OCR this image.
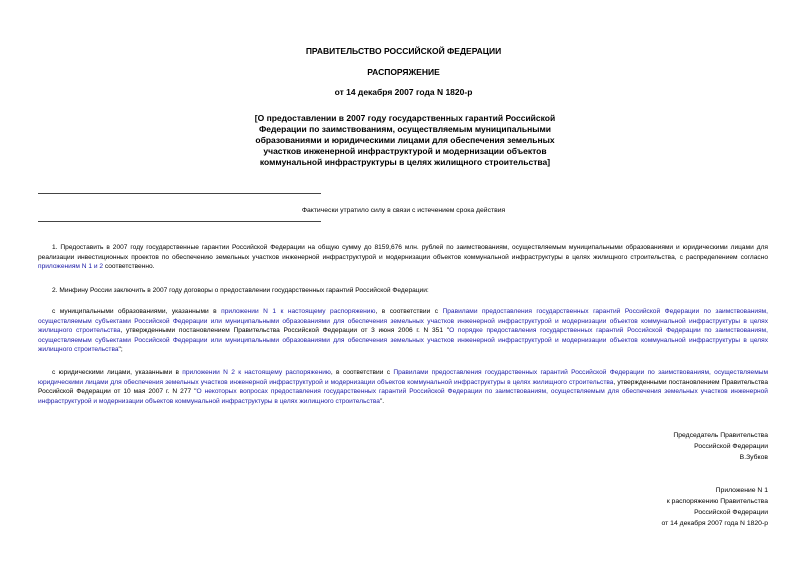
ПРАВИТЕЛЬСТВО РОССИЙСКОЙ ФЕДЕРАЦИИ
РАСПОРЯЖЕНИЕ
от 14 декабря 2007 года N 1820-р
[О предоставлении в 2007 году государственных гарантий Российской Федерации по заимствованиям, осуществляемым муниципальными образованиями и юридическими лицами для обеспечения земельных участков инженерной инфраструктурой и модернизации объектов коммунальной инфраструктуры в целях жилищного строительства]
Фактически утратило силу в связи с истечением срока действия
1. Предоставить в 2007 году государственные гарантии Российской Федерации на общую сумму до 8159,676 млн. рублей по заимствованиям, осуществляемым муниципальными образованиями и юридическими лицами для реализации инвестиционных проектов по обеспечению земельных участков инженерной инфраструктурой и модернизации объектов коммунальной инфраструктуры в целях жилищного строительства, с распределением согласно приложениям N 1 и 2 соответственно.
2. Минфину России заключить в 2007 году договоры о предоставлении государственных гарантий Российской Федерации:
с муниципальными образованиями, указанными в приложении N 1 к настоящему распоряжению, в соответствии с Правилами предоставления государственных гарантий Российской Федерации по заимствованиям, осуществляемым субъектами Российской Федерации или муниципальными образованиями для обеспечения земельных участков инженерной инфраструктурой и модернизации объектов коммунальной инфраструктуры в целях жилищного строительства, утвержденными постановлением Правительства Российской Федерации от 3 июня 2006 г. N 351 "О порядке предоставления государственных гарантий Российской Федерации по заимствованиям, осуществляемым субъектами Российской Федерации или муниципальными образованиями для обеспечения земельных участков инженерной инфраструктурой и модернизации объектов коммунальной инфраструктуры в целях жилищного строительства";
с юридическими лицами, указанными в приложении N 2 к настоящему распоряжению, в соответствии с Правилами предоставления государственных гарантий Российской Федерации по заимствованиям, осуществляемым юридическими лицами для обеспечения земельных участков инженерной инфраструктурой и модернизации объектов коммунальной инфраструктуры в целях жилищного строительства, утвержденными постановлением Правительства Российской Федерации от 10 мая 2007 г. N 277 "О некоторых вопросах предоставления государственных гарантий Российской Федерации по заимствованиям, осуществляемым для обеспечения земельных участков инженерной инфраструктурой и модернизации объектов коммунальной инфраструктуры в целях жилищного строительства".
Председатель Правительства
Российской Федерации
В.Зубков
Приложение N 1
к распоряжению Правительства
Российской Федерации
от 14 декабря 2007 года N 1820-р
